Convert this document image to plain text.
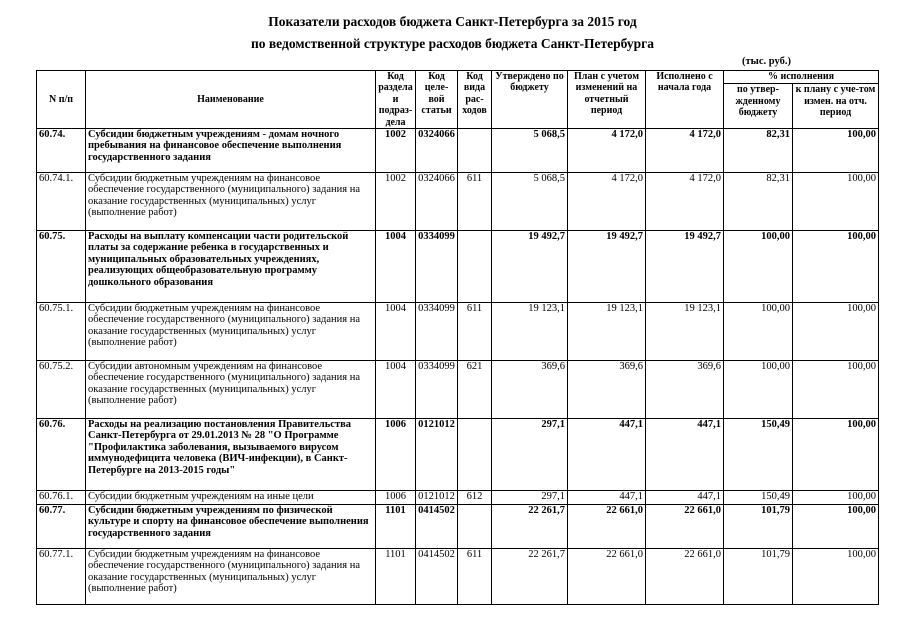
Показатели расходов бюджета Санкт-Петербурга за 2015 год
по ведомственной структуре расходов бюджета Санкт-Петербурга
(тыс. руб.)
N п/п	Наименование	Код раздела и подраз-дела	Код целе-вой статьи	Код вида рас-ходов	Утверждено по бюджету	План с учетом изменений на отчетный период	Исполнено с начала года	% исполнения	
								по утвер-жденному бюджету	к плану с уче-том измен. на отч. период
60.74.	Субсидии бюджетным учреждениям - домам ночного пребывания на финансовое обеспечение выполнения государственного задания	1002	0324066		5 068,5	4 172,0	4 172,0	82,31	100,00
60.74.1.	Субсидии бюджетным учреждениям на финансовое обеспечение государственного (муниципального) задания на оказание государственных (муниципальных) услуг (выполнение работ)	1002	0324066	611	5 068,5	4 172,0	4 172,0	82,31	100,00
60.75.	Расходы на выплату компенсации части родительской платы за содержание ребенка в государственных и муниципальных образовательных учреждениях, реализующих общеобразовательную программу дошкольного образования	1004	0334099		19 492,7	19 492,7	19 492,7	100,00	100,00
60.75.1.	Субсидии бюджетным учреждениям на финансовое обеспечение государственного (муниципального) задания на оказание государственных (муниципальных) услуг (выполнение работ)	1004	0334099	611	19 123,1	19 123,1	19 123,1	100,00	100,00
60.75.2.	Субсидии автономным учреждениям на финансовое обеспечение государственного (муниципального) задания на оказание государственных (муниципальных) услуг (выполнение работ)	1004	0334099	621	369,6	369,6	369,6	100,00	100,00
60.76.	Расходы на реализацию постановления Правительства Санкт-Петербурга от 29.01.2013 № 28 "О Программе "Профилактика заболевания, вызываемого вирусом иммунодефицита человека (ВИЧ-инфекции), в Санкт-Петербурге на 2013-2015 годы"	1006	0121012		297,1	447,1	447,1	150,49	100,00
60.76.1.	Субсидии бюджетным учреждениям на иные цели	1006	0121012	612	297,1	447,1	447,1	150,49	100,00
60.77.	Субсидии бюджетным учреждениям по физической культуре и спорту на финансовое обеспечение выполнения государственного задания	1101	0414502		22 261,7	22 661,0	22 661,0	101,79	100,00
60.77.1.	Субсидии бюджетным учреждениям на финансовое обеспечение государственного (муниципального) задания на оказание государственных (муниципальных) услуг (выполнение работ)	1101	0414502	611	22 261,7	22 661,0	22 661,0	101,79	100,00
